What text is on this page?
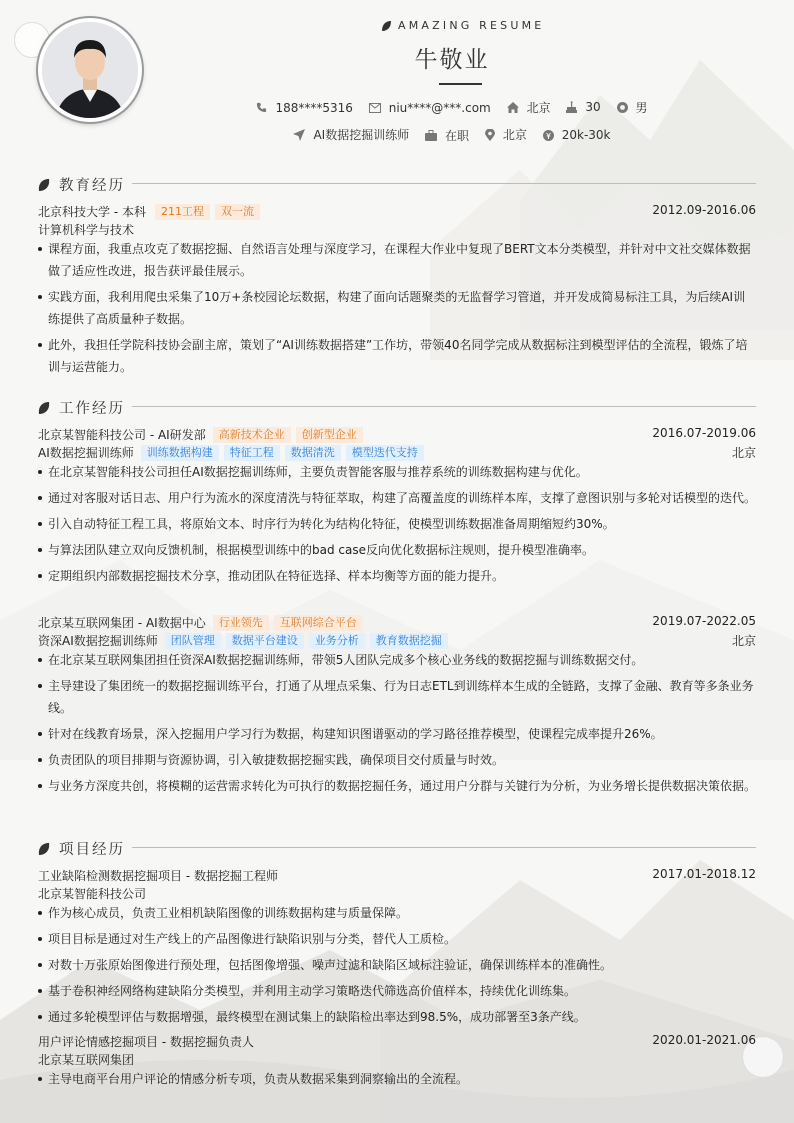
AMAZING RESUME
牛敬业
188****5316
	niu****@***.com
	北京
	30
	男
AI数据挖掘训练师
	在职
	北京
	20k-30k
教育经历
北京科技大学 - 本科	211工程	双一流	2012.09-2016.06
计算机科学与技术
课程方面，我重点攻克了数据挖掘、自然语言处理与深度学习，在课程大作业中复现了BERT文本分类模型，并针对中文社交媒体数据做了适应性改进，报告获评最佳展示。
实践方面，我利用爬虫采集了10万+条校园论坛数据，构建了面向话题聚类的无监督学习管道，并开发成简易标注工具，为后续AI训练提供了高质量种子数据。
此外，我担任学院科技协会副主席，策划了“AI训练数据搭建”工作坊，带领40名同学完成从数据标注到模型评估的全流程，锻炼了培训与运营能力。
工作经历
北京某智能科技公司 - AI研发部	高新技术企业	创新型企业	2016.07-2019.06
AI数据挖掘训练师	训练数据构建	特征工程	数据清洗	模型迭代支持	北京
在北京某智能科技公司担任AI数据挖掘训练师，主要负责智能客服与推荐系统的训练数据构建与优化。
通过对客服对话日志、用户行为流水的深度清洗与特征萃取，构建了高覆盖度的训练样本库，支撑了意图识别与多轮对话模型的迭代。
引入自动特征工程工具，将原始文本、时序行为转化为结构化特征，使模型训练数据准备周期缩短约30%。
与算法团队建立双向反馈机制，根据模型训练中的bad case反向优化数据标注规则，提升模型准确率。
定期组织内部数据挖掘技术分享，推动团队在特征选择、样本均衡等方面的能力提升。
北京某互联网集团 - AI数据中心	行业领先	互联网综合平台	2019.07-2022.05
资深AI数据挖掘训练师	团队管理	数据平台建设	业务分析	教育数据挖掘	北京
在北京某互联网集团担任资深AI数据挖掘训练师，带领5人团队完成多个核心业务线的数据挖掘与训练数据交付。
主导建设了集团统一的数据挖掘训练平台，打通了从埋点采集、行为日志ETL到训练样本生成的全链路，支撑了金融、教育等多条业务线。
针对在线教育场景，深入挖掘用户学习行为数据，构建知识图谱驱动的学习路径推荐模型，使课程完成率提升26%。
负责团队的项目排期与资源协调，引入敏捷数据挖掘实践，确保项目交付质量与时效。
与业务方深度共创，将模糊的运营需求转化为可执行的数据挖掘任务，通过用户分群与关键行为分析，为业务增长提供数据决策依据。
项目经历
工业缺陷检测数据挖掘项目 - 数据挖掘工程师	2017.01-2018.12
北京某智能科技公司
作为核心成员，负责工业相机缺陷图像的训练数据构建与质量保障。
项目目标是通过对生产线上的产品图像进行缺陷识别与分类，替代人工质检。
对数十万张原始图像进行预处理，包括图像增强、噪声过滤和缺陷区域标注验证，确保训练样本的准确性。
基于卷积神经网络构建缺陷分类模型，并利用主动学习策略迭代筛选高价值样本，持续优化训练集。
通过多轮模型评估与数据增强，最终模型在测试集上的缺陷检出率达到98.5%，成功部署至3条产线。
用户评论情感挖掘项目 - 数据挖掘负责人	2020.01-2021.06
北京某互联网集团
主导电商平台用户评论的情感分析专项，负责从数据采集到洞察输出的全流程。
